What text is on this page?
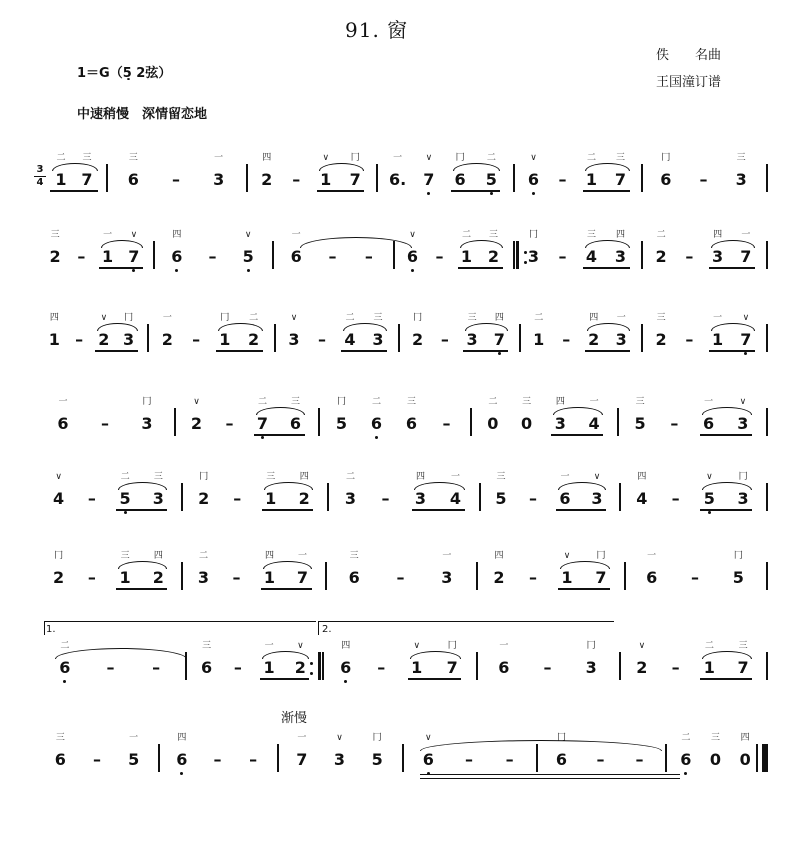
91. 窗
佚　　名曲
王国潼订谱
1＝G（5̣ 2弦）
中速稍慢　深情留恋地
3
4
渐慢
1.	2.
1
二
7
三
6
三
– 3
一
2
四
– 1
∨
7
冂
6.
一
7
∨
6
冂
5
二
6
∨
– 1
二
7
三
6
冂
– 3
三
2
三
– 1
一
7
∨
6
四
– 5
∨
6
一
– – 6
∨
– 1
二
2
三
3
冂
– 4
三
3
四
2
二
– 3
四
7
一
1
四
– 2
∨
3
冂
2
一
– 1
冂
2
二
3
∨
– 4
二
3
三
2
冂
– 3
三
7
四
1
二
– 2
四
3
一
2
三
– 1
一
7
∨
6
一
– 3
冂
2
∨
– 7
二
6
三
5
冂
6
二
6
三
– 0
二
0
三
3
四
4
一
5
三
– 6
一
3
∨
4
∨
– 5
二
3
三
2
冂
– 1
三
2
四
3
二
– 3
四
4
一
5
三
– 6
一
3
∨
4
四
– 5
∨
3
冂
2
冂
– 1
三
2
四
3
二
– 1
四
7
一
6
三
– 3
一
2
四
– 1
∨
7
冂
6
一
– 5
冂
6
二
– –	6
三
– 1
一
2
∨
6
四
– 1
∨
7
冂
6
一
– 3
冂
2
∨
– 1
二
7
三
6
三
– 5
一
6
四
– – 7
一
3
∨
5
冂
6
∨
– –	6
冂
– – 6
二
0
三
0
四
